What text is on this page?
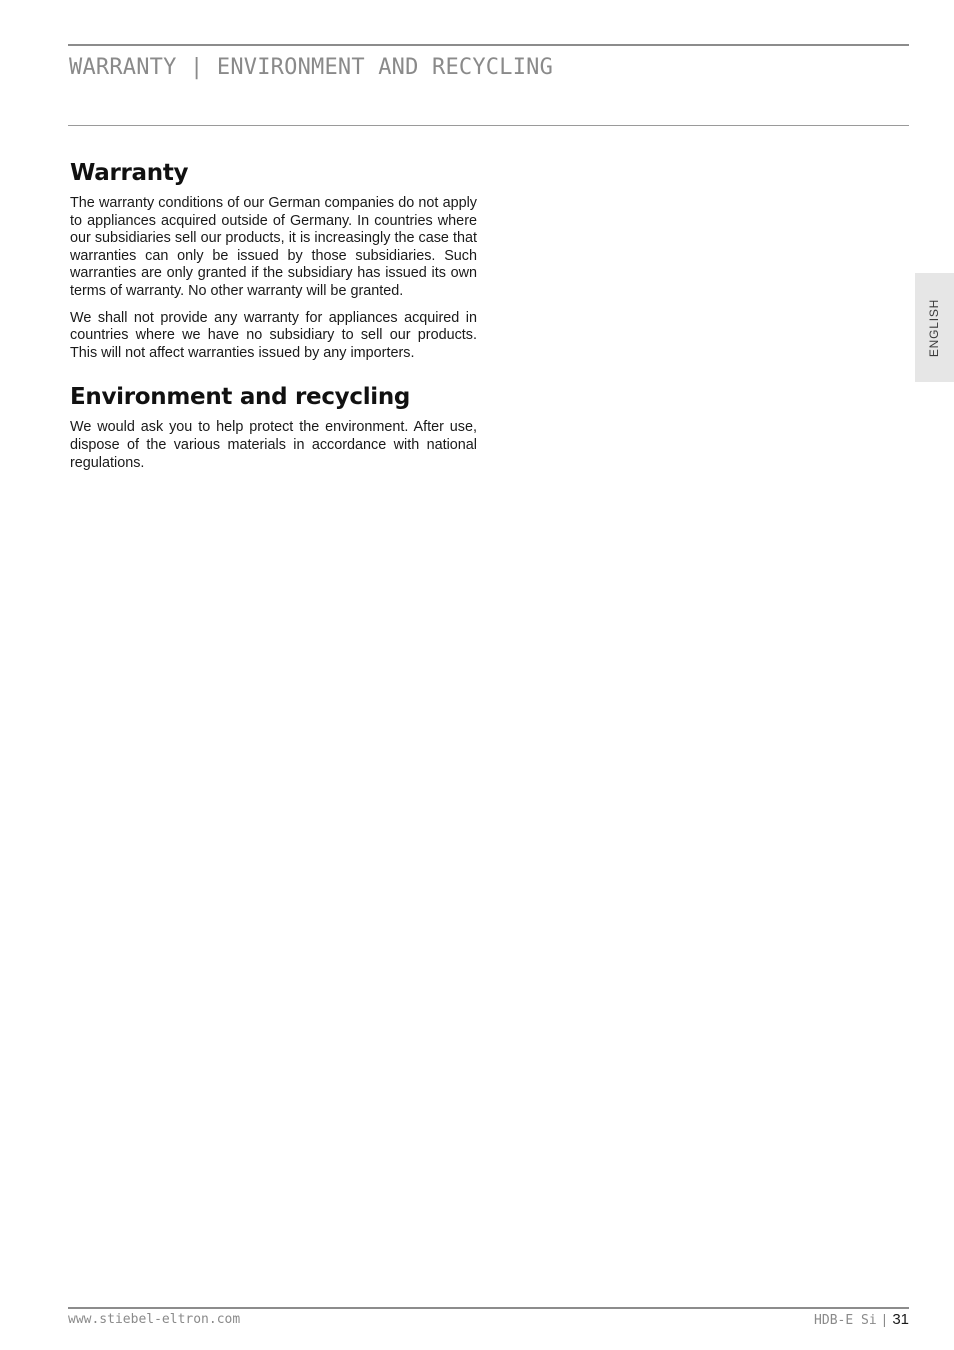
WARRANTY | ENVIRONMENT AND RECYCLING
Warranty

The warranty conditions of our German companies do not apply to appliances acquired outside of Germany. In countries where our subsidiaries sell our products, it is increasingly the case that warranties can only be issued by those subsidiaries. Such warranties are only granted if the subsidiary has issued its own terms of warranty. No other warranty will be granted.

We shall not provide any warranty for appliances acquired in countries where we have no subsidiary to sell our products. This will not affect warranties issued by any importers.

Environment and recycling

We would ask you to help protect the environment. After use, dispose of the various materials in accordance with national regulations.

ENGLISH
www.stiebel-eltron.com	HDB-E Si | 31
